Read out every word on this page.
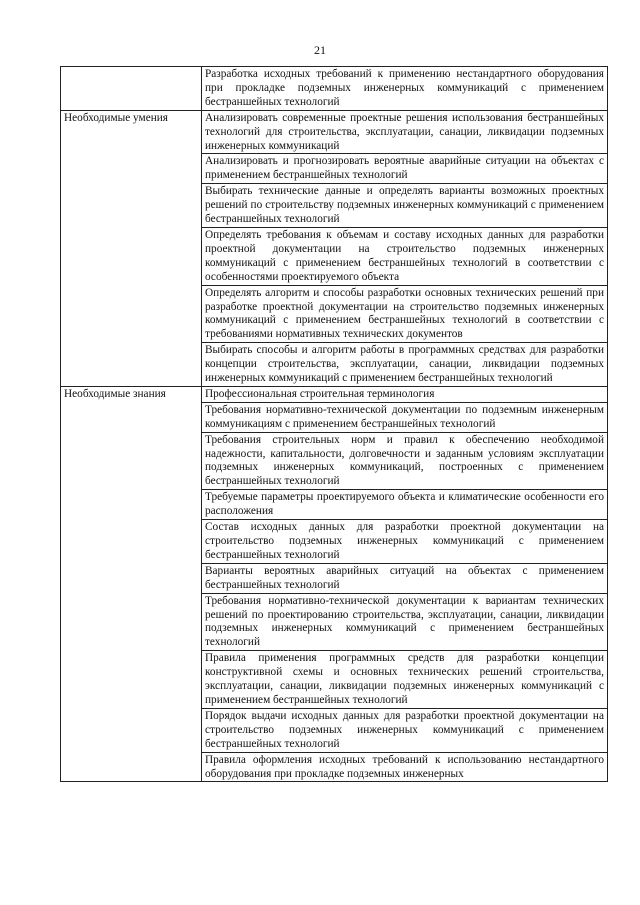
21
	Разработка исходных требований к применению нестандартного оборудования при прокладке подземных инженерных коммуникаций с применением бестраншейных технологий
Необходимые умения	Анализировать современные проектные решения использования бестраншейных технологий для строительства, эксплуатации, санации, ликвидации подземных инженерных коммуникаций
	Анализировать и прогнозировать вероятные аварийные ситуации на объектах с применением бестраншейных технологий
	Выбирать технические данные и определять варианты возможных проектных решений по строительству подземных инженерных коммуникаций с применением бестраншейных технологий
	Определять требования к объемам и составу исходных данных для разработки проектной документации на строительство подземных инженерных коммуникаций с применением бестраншейных технологий в соответствии с особенностями проектируемого объекта
	Определять алгоритм и способы разработки основных технических решений при разработке проектной документации на строительство подземных инженерных коммуникаций с применением бестраншейных технологий в соответствии с требованиями нормативных технических документов
	Выбирать способы и алгоритм работы в программных средствах для разработки концепции строительства, эксплуатации, санации, ликвидации подземных инженерных коммуникаций с применением бестраншейных технологий
Необходимые знания	Профессиональная строительная терминология
	Требования нормативно-технической документации по подземным инженерным коммуникациям с применением бестраншейных технологий
	Требования строительных норм и правил к обеспечению необходимой надежности, капитальности, долговечности и заданным условиям эксплуатации подземных инженерных коммуникаций, построенных с применением бестраншейных технологий
	Требуемые параметры проектируемого объекта и климатические особенности его расположения
	Состав исходных данных для разработки проектной документации на строительство подземных инженерных коммуникаций с применением бестраншейных технологий
	Варианты вероятных аварийных ситуаций на объектах с применением бестраншейных технологий
	Требования нормативно-технической документации к вариантам технических решений по проектированию строительства, эксплуатации, санации, ликвидации подземных инженерных коммуникаций с применением бестраншейных технологий
	Правила применения программных средств для разработки концепции конструктивной схемы и основных технических решений строительства, эксплуатации, санации, ликвидации подземных инженерных коммуникаций с применением бестраншейных технологий
	Порядок выдачи исходных данных для разработки проектной документации на строительство подземных инженерных коммуникаций с применением бестраншейных технологий
	Правила оформления исходных требований к использованию нестандартного оборудования при прокладке подземных инженерных
